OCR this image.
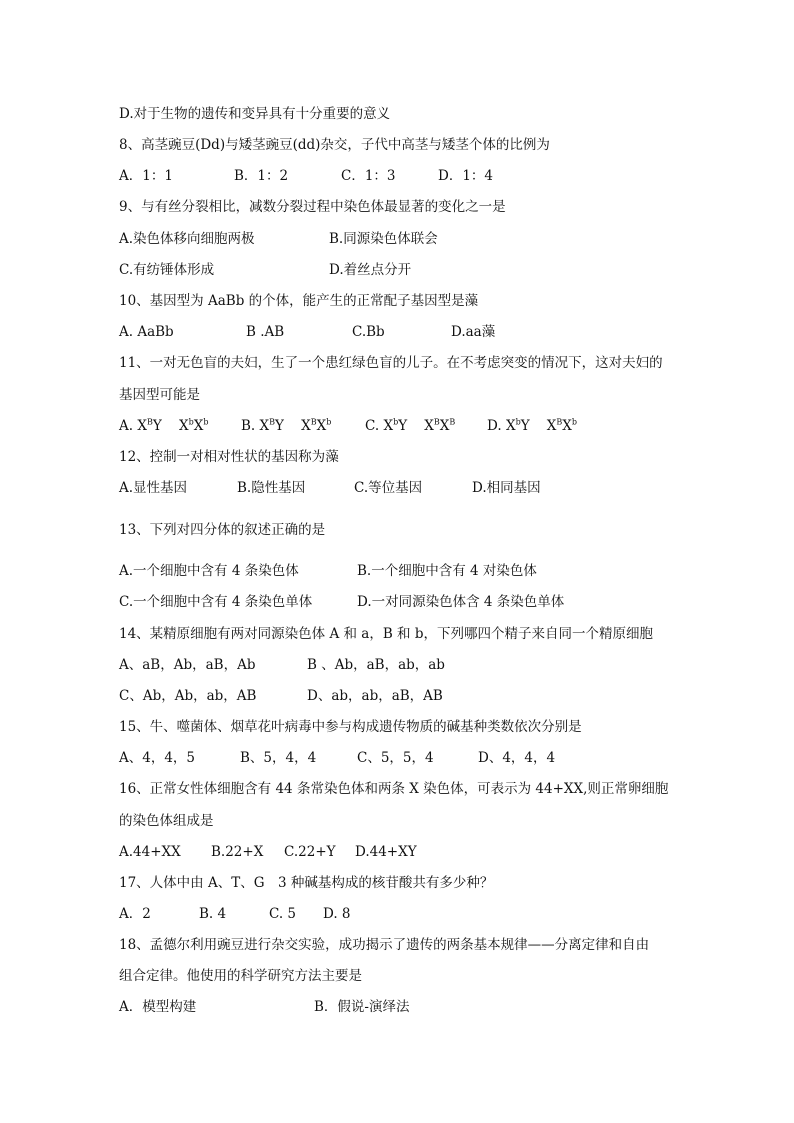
D.对于生物的遗传和变异具有十分重要的意义
8、高茎豌豆(Dd)与矮茎豌豆(dd)杂交，子代中高茎与矮茎个体的比例为
A．1：1	B．1：2	C．1：3	D．1：4
9、与有丝分裂相比，减数分裂过程中染色体最显著的变化之一是
A.染色体移向细胞两极	B.同源染色体联会
C.有纺锤体形成	D.着丝点分开
10、基因型为 AaBb 的个体，能产生的正常配子基因型是藻
A. AaBb	B .AB	C.Bb	D.aa藻
11、一对无色盲的夫妇，生了一个患红绿色盲的儿子。在不考虑突变的情况下，这对夫妇的
基因型可能是
A. $X^BY$ $X^bX^b$ B. $X^BY$ $X^BX^b$ C. $X^bY$ $X^BX^B$ D. $X^bY$ $X^BX^b$
12、控制一对相对性状的基因称为藻
A.显性基因	B.隐性基因	C.等位基因	D.相同基因
13、下列对四分体的叙述正确的是
A.一个细胞中含有 4 条染色体	B.一个细胞中含有 4 对染色体
C.一个细胞中含有 4 条染色单体	D.一对同源染色体含 4 条染色单体
14、某精原细胞有两对同源染色体 A 和 a，B 和 b，下列哪四个精子来自同一个精原细胞
A、aB，Ab，aB，Ab	B 、Ab，aB，ab，ab
C、Ab，Ab，ab，AB	D、ab，ab，aB，AB
15、牛、噬菌体、烟草花叶病毒中参与构成遗传物质的碱基种类数依次分别是
A、4，4，5	B、5，4，4	C、5，5，4	D、4，4，4
16、正常女性体细胞含有 44 条常染色体和两条 X 染色体，可表示为 44+XX,则正常卵细胞
的染色体组成是
A.44+XX B.22+X C.22+Y D.44+XY
17、人体中由 A、T、G　3 种碱基构成的核苷酸共有多少种？
A．2	B. 4	C. 5 D. 8
18、孟德尔利用豌豆进行杂交实验，成功揭示了遗传的两条基本规律——分离定律和自由
组合定律。他使用的科学研究方法主要是
A．模型构建	B．假说-演绎法
